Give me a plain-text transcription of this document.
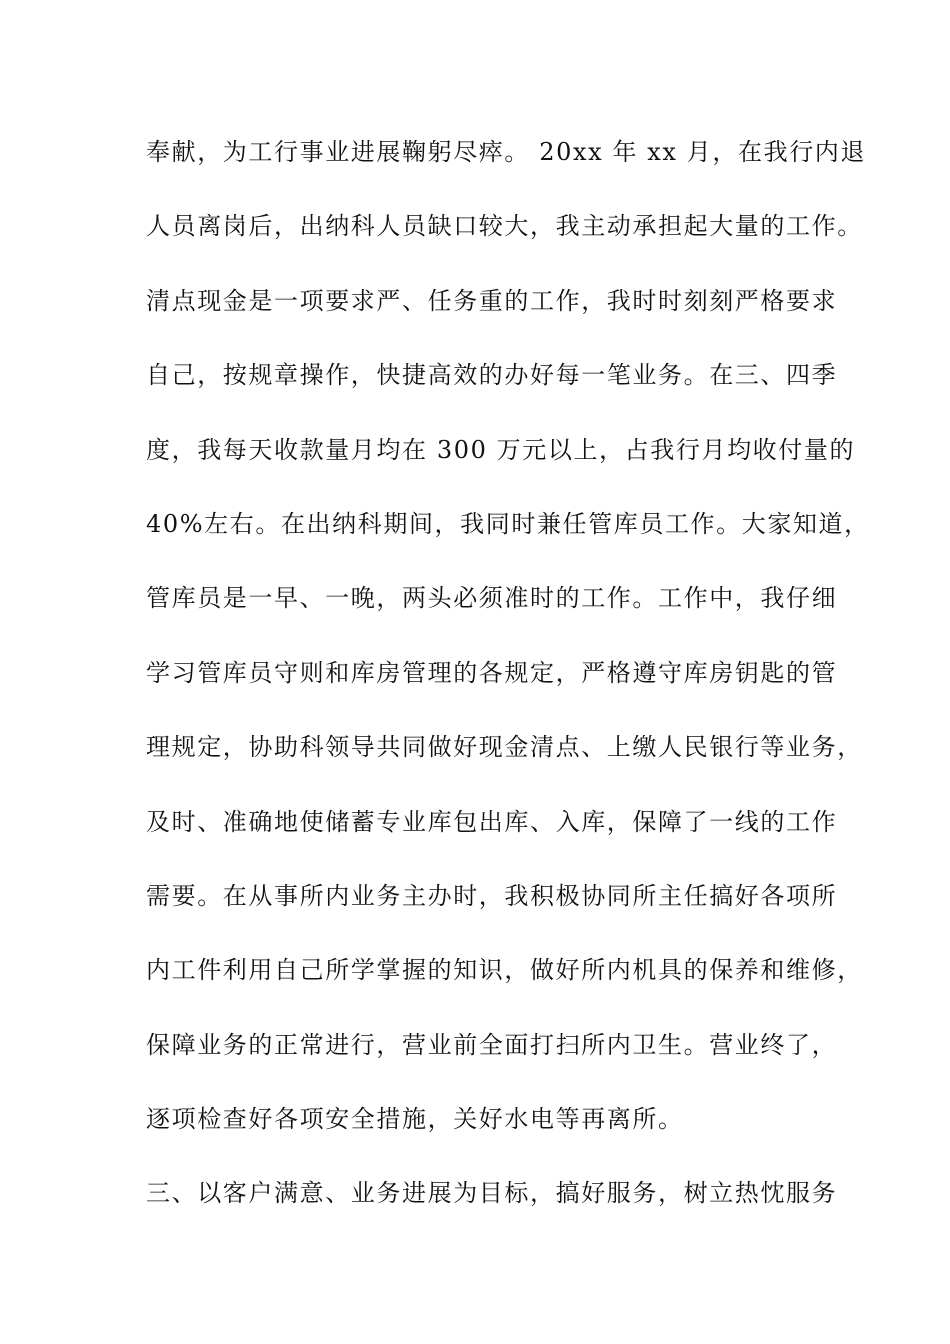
奉献，为工行事业进展鞠躬尽瘁。 20xx 年 xx 月，在我行内退
人员离岗后，出纳科人员缺口较大，我主动承担起大量的工作。
清点现金是一项要求严、任务重的工作，我时时刻刻严格要求
自己，按规章操作，快捷高效的办好每一笔业务。在三、四季
度，我每天收款量月均在 300 万元以上，占我行月均收付量的
40%左右。在出纳科期间，我同时兼任管库员工作。大家知道，
管库员是一早、一晚，两头必须准时的工作。工作中，我仔细
学习管库员守则和库房管理的各规定，严格遵守库房钥匙的管
理规定，协助科领导共同做好现金清点、上缴人民银行等业务，
及时、准确地使储蓄专业库包出库、入库，保障了一线的工作
需要。在从事所内业务主办时，我积极协同所主任搞好各项所
内工件利用自己所学掌握的知识，做好所内机具的保养和维修，
保障业务的正常进行，营业前全面打扫所内卫生。营业终了，
逐项检查好各项安全措施，关好水电等再离所。
三、以客户满意、业务进展为目标，搞好服务，树立热忱服务
